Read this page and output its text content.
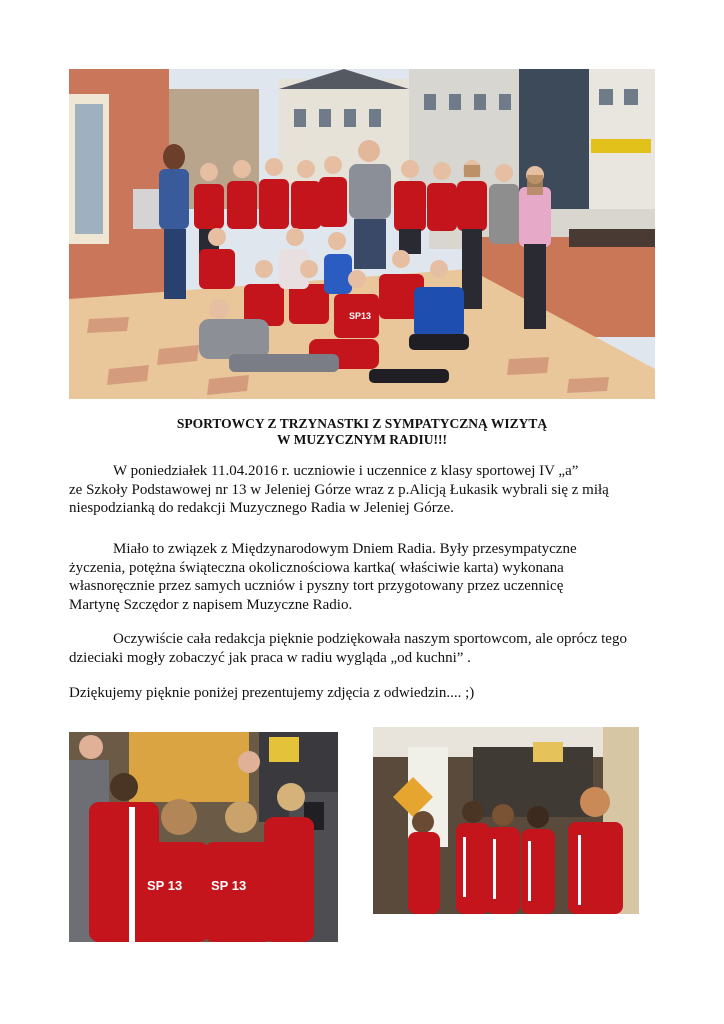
SP13
SPORTOWCY Z TRZYNASTKI Z SYMPATYCZNĄ WIZYTĄ
W MUZYCZNYM RADIU!!!
W poniedziałek 11.04.2016 r. uczniowie i uczennice z klasy sportowej IV „a”
ze Szkoły Podstawowej nr 13 w Jeleniej Górze wraz z p.Alicją Łukasik wybrali się z miłą
niespodzianką do redakcji Muzycznego Radia w Jeleniej Górze.
Miało to związek z Międzynarodowym Dniem Radia. Były przesympatyczne
życzenia, potężna świąteczna okolicznościowa kartka( właściwie karta) wykonana
własnoręcznie przez samych uczniów i pyszny tort przygotowany przez uczennicę
Martynę Szczędor z napisem Muzyczne Radio.
Oczywiście cała redakcja pięknie podziękowała naszym sportowcom, ale oprócz tego
dzieciaki mogły zobaczyć jak praca w radiu wygląda „od kuchni” .
Dziękujemy pięknie poniżej prezentujemy zdjęcia z odwiedzin.... ;)
SP 13 SP 13
